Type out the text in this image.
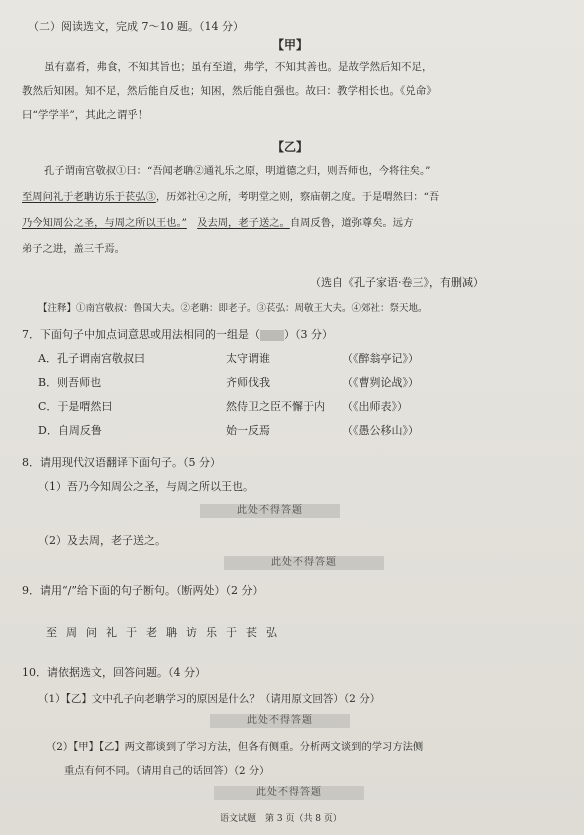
（二）阅读选文，完成 7～10 题。（14 分）
【甲】
虽有嘉肴，弗食，不知其旨也；虽有至道，弗学，不知其善也。是故学然后知不足，
教然后知困。知不足，然后能自反也；知困，然后能自强也。故曰：教学相长也。《兑命》
曰“学学半”，其此之谓乎！
【乙】
孔子谓南宫敬叔①曰：“吾闻老聃②通礼乐之原，明道德之归，则吾师也，今将往矣。”
至周问礼于老聃访乐于苌弘③，历郊社④之所，考明堂之则，察庙朝之度。于是喟然曰：“吾
乃今知周公之圣，与周之所以王也。”　 及去周，老子送之。自周反鲁，道弥尊矣。远方
弟子之进，盖三千焉。
（选自《孔子家语·卷三》，有删减）
【注释】①南宫敬叔：鲁国大夫。②老聃：即老子。③苌弘：周敬王大夫。④郊社：祭天地。
7．下面句子中加点词意思或用法相同的一组是（ ）（3 分）
A．孔子谓南宫敬叔曰	太守谓谁	（《醉翁亭记》）
B．则吾师也	齐师伐我	（《曹刿论战》）
C．于是喟然曰	然侍卫之臣不懈于内 （《出师表》）
D．自周反鲁	始一反焉	（《愚公移山》）
8．请用现代汉语翻译下面句子。（5 分）
（1）吾乃今知周公之圣，与周之所以王也。
此处不得答题
（2）及去周，老子送之。
此处不得答题
9．请用“/”给下面的句子断句。（断两处）（2 分）
至周问礼于老聃访乐于苌弘
10．请依据选文，回答问题。（4 分）
（1）【乙】文中孔子向老聃学习的原因是什么？（请用原文回答）（2 分）
此处不得答题
（2）【甲】【乙】两文都谈到了学习方法，但各有侧重。分析两文谈到的学习方法侧
重点有何不同。（请用自己的话回答）（2 分）
此处不得答题
语文试题　第 3 页（共 8 页）
